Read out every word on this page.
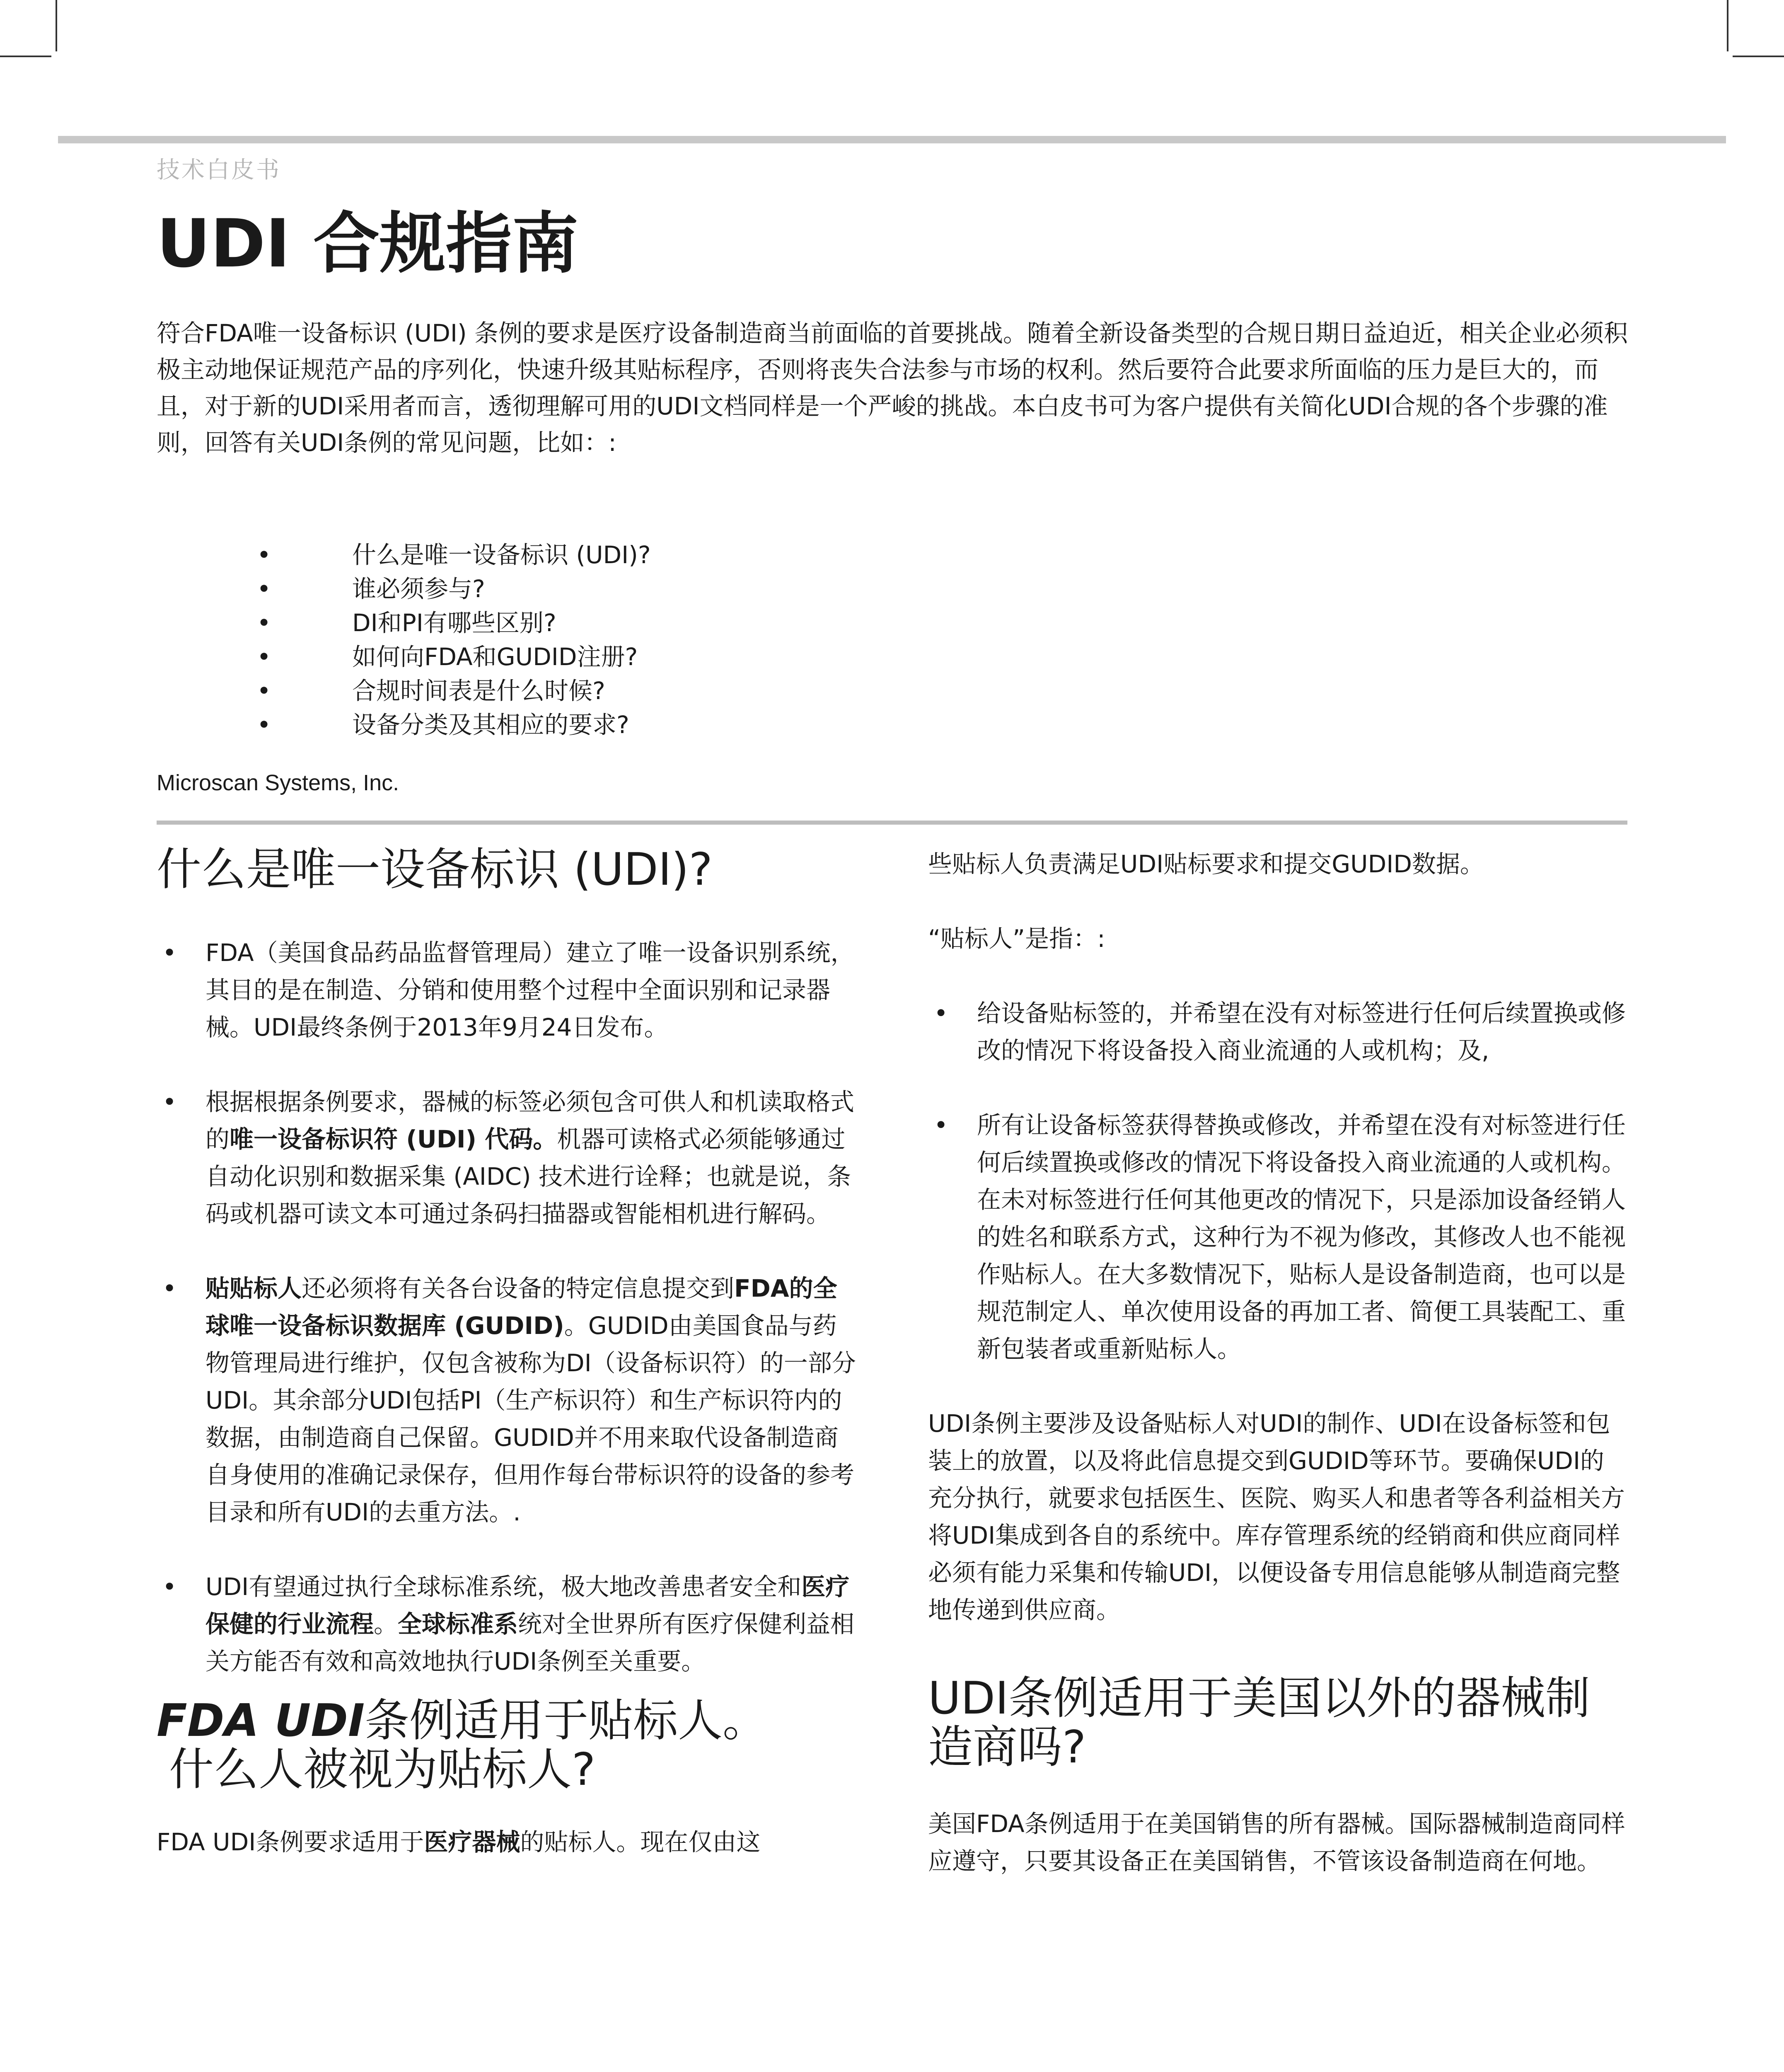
技术白皮书
UDI 合规指南

符合FDA唯一设备标识 (UDI) 条例的要求是医疗设备制造商当前面临的首要挑战。随着全新设备类型的合规日期日益迫近，相关企业必须积极主动地保证规范产品的序列化，快速升级其贴标程序，否则将丧失合法参与市场的权利。然后要符合此要求所面临的压力是巨大的，而且，对于新的UDI采用者而言，透彻理解可用的UDI文档同样是一个严峻的挑战。本白皮书可为客户提供有关简化UDI合规的各个步骤的准则，回答有关UDI条例的常见问题，比如：:

•	什么是唯一设备标识 (UDI)?
•	谁必须参与?
•	DI和PI有哪些区别?
•	如何向FDA和GUDID注册?
•	合规时间表是什么时候?
•	设备分类及其相应的要求?
Microscan Systems, Inc.
什么是唯一设备标识 (UDI)?
• FDA（美国食品药品监督管理局）建立了唯一设备识别系统，其目的是在制造、分销和使用整个过程中全面识别和记录器械。UDI最终条例于2013年9月24日发布。
• 根据根据条例要求，器械的标签必须包含可供人和机读取格式的唯一设备标识符 (UDI) 代码。机器可读格式必须能够通过自动化识别和数据采集 (AIDC) 技术进行诠释；也就是说，条码或机器可读文本可通过条码扫描器或智能相机进行解码。
• 贴贴标人还必须将有关各台设备的特定信息提交到FDA的全球唯一设备标识数据库 (GUDID)。GUDID由美国食品与药物管理局进行维护，仅包含被称为DI（设备标识符）的一部分UDI。其余部分UDI包括PI（生产标识符）和生产标识符内的数据，由制造商自己保留。GUDID并不用来取代设备制造商自身使用的准确记录保存，但用作每台带标识符的设备的参考目录和所有UDI的去重方法。.
• UDI有望通过执行全球标准系统，极大地改善患者安全和医疗保健的行业流程。全球标准系统对全世界所有医疗保健利益相关方能否有效和高效地执行UDI条例至关重要。
FDA UDI条例适用于贴标人。
什么人被视为贴标人?

FDA UDI条例要求适用于医疗器械的贴标人。现在仅由这

些贴标人负责满足UDI贴标要求和提交GUDID数据。

“贴标人”是指：:

• 给设备贴标签的，并希望在没有对标签进行任何后续置换或修改的情况下将设备投入商业流通的人或机构；及,
• 所有让设备标签获得替换或修改，并希望在没有对标签进行任何后续置换或修改的情况下将设备投入商业流通的人或机构。在未对标签进行任何其他更改的情况下，只是添加设备经销人的姓名和联系方式，这种行为不视为修改，其修改人也不能视作贴标人。在大多数情况下，贴标人是设备制造商，也可以是规范制定人、单次使用设备的再加工者、简便工具装配工、重新包装者或重新贴标人。

UDI条例主要涉及设备贴标人对UDI的制作、UDI在设备标签和包装上的放置，以及将此信息提交到GUDID等环节。要确保UDI的充分执行，就要求包括医生、医院、购买人和患者等各利益相关方将UDI集成到各自的系统中。库存管理系统的经销商和供应商同样必须有能力采集和传输UDI，以便设备专用信息能够从制造商完整地传递到供应商。

UDI条例适用于美国以外的器械制造商吗?

美国FDA条例适用于在美国销售的所有器械。国际器械制造商同样应遵守，只要其设备正在美国销售，不管该设备制造商在何地。
